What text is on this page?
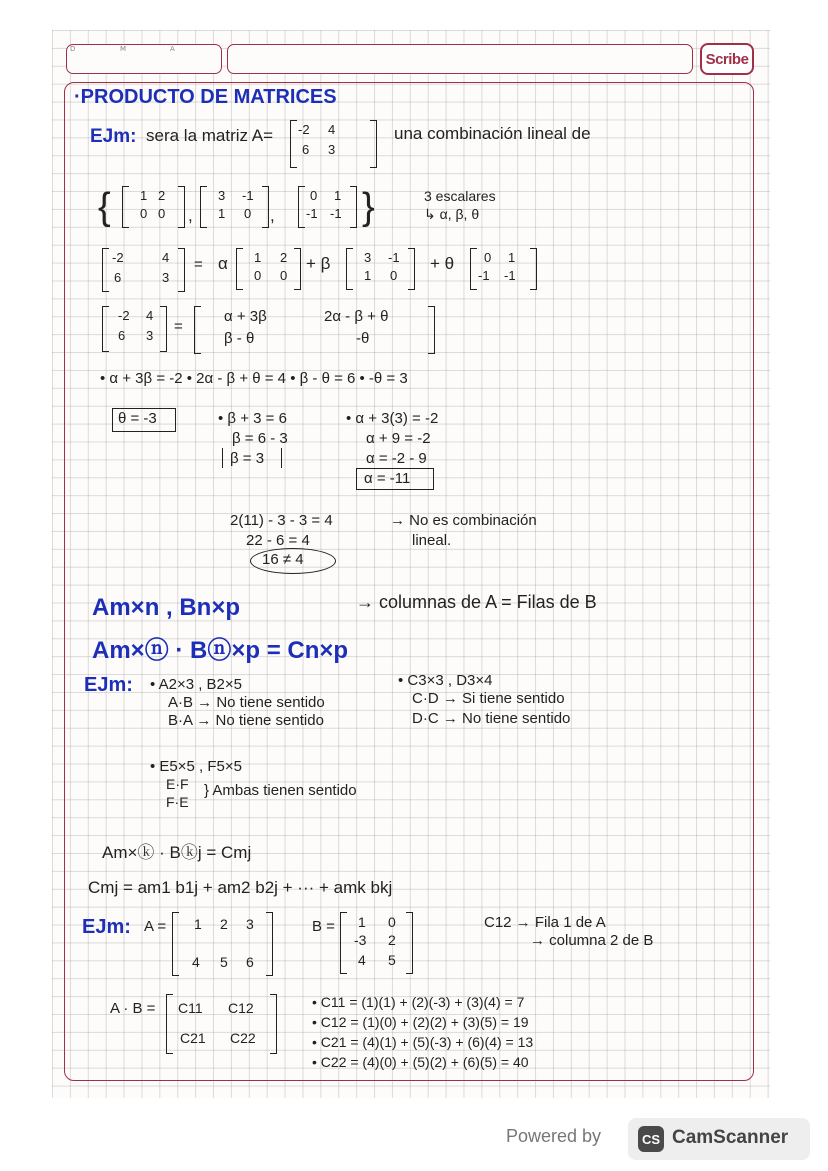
D	M	A
Scribe
·PRODUCTO DE MATRICES
EJm: sera la matriz A= -2 4
6 3
una combinación lineal de
{ 1 2
0 0 ,
3 -1
1 0 ,
0 1
-1 -1 }	3 escalares
↳ α, β, θ
-2	4
6	3
= α 1 2
0 0
+ β	3 -1
1 0
+ θ 0 1
-1 -1
-2 4
6 3
=
α + 3β	2α - β + θ
β - θ	-θ
• α + 3β = -2 • 2α - β + θ = 4 • β - θ = 6 • -θ = 3
θ = -3	• β + 3 = 6
β = 6 - 3
β = 3
• α + 3(3) = -2
α + 9 = -2
α = -2 - 9
α = -11
2(11) - 3 - 3 = 4
22 - 6 = 4
16 ≠ 4
→ No es combinación
lineal.
Am×n , Bn×p	→ columnas de A = Filas de B
Am×ⓝ · Bⓝ×p = Cn×p
EJm: • A2×3 , B2×5
A·B → No tiene sentido
B·A → No tiene sentido
• C3×3 , D3×4
C·D → Si tiene sentido
D·C → No tiene sentido
• E5×5 , F5×5
E·F
F·E
} Ambas tienen sentido
Am×ⓚ · Bⓚj = Cmj
Cmj = am1 b1j + am2 b2j + ··· + amk bkj
EJm: A = 1 2 3
4 5 6
B = 1 0
-3 2
4 5
C12 → Fila 1 de A
→ columna 2 de B
A · B = C11 C12
C21 C22
• C11 = (1)(1) + (2)(-3) + (3)(4) = 7
• C12 = (1)(0) + (2)(2) + (3)(5) = 19
• C21 = (4)(1) + (5)(-3) + (6)(4) = 13
• C22 = (4)(0) + (5)(2) + (6)(5) = 40
Powered by	CS CamScanner
